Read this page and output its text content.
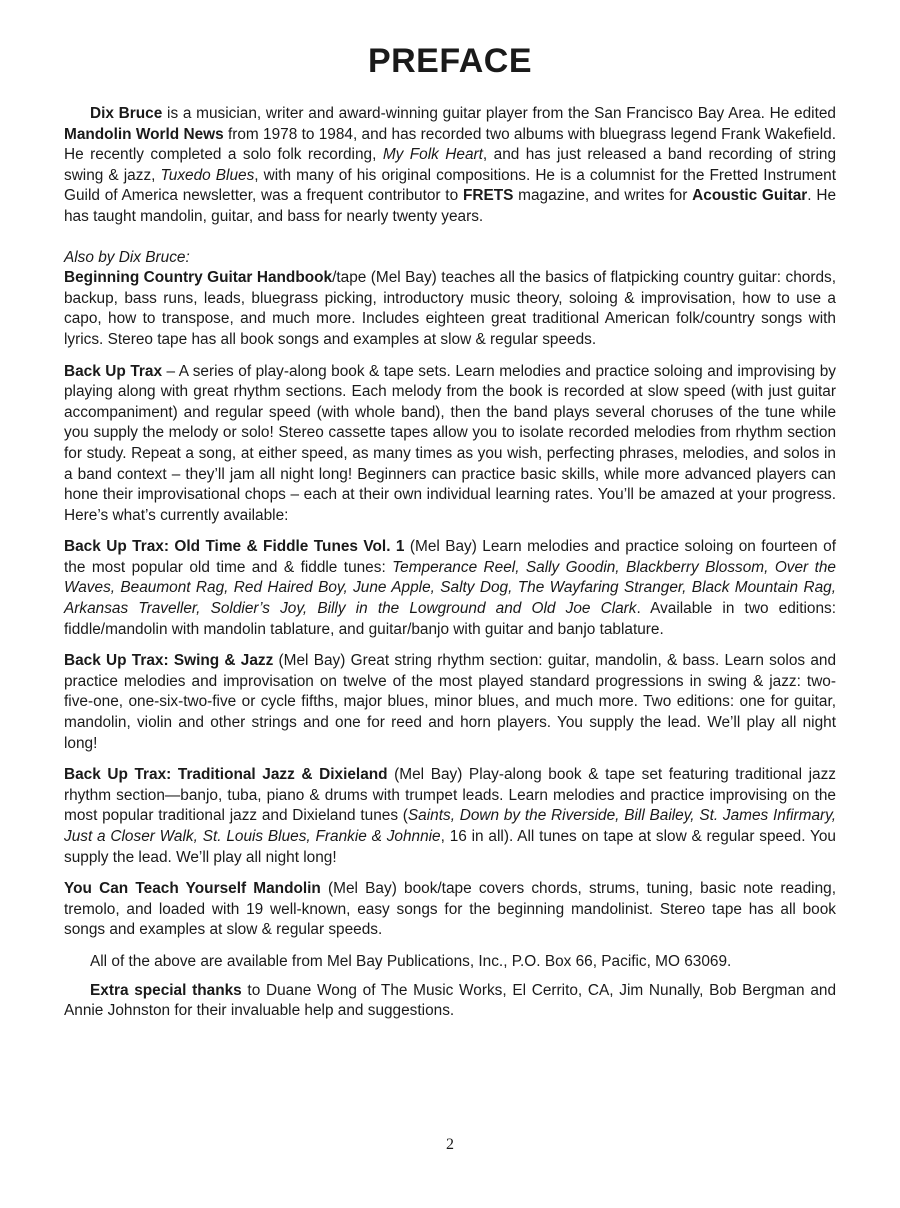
PREFACE

Dix Bruce is a musician, writer and award-winning guitar player from the San Francisco Bay Area. He edited Mandolin World News from 1978 to 1984, and has recorded two albums with bluegrass legend Frank Wakefield. He recently completed a solo folk recording, My Folk Heart, and has just released a band recording of string swing & jazz, Tuxedo Blues, with many of his original compositions. He is a columnist for the Fretted Instrument Guild of America newsletter, was a frequent contributor to FRETS magazine, and writes for Acoustic Guitar. He has taught mandolin, guitar, and bass for nearly twenty years.

Also by Dix Bruce:

Beginning Country Guitar Handbook/tape (Mel Bay) teaches all the basics of flatpicking country guitar: chords, backup, bass runs, leads, bluegrass picking, introductory music theory, soloing & improvisation, how to use a capo, how to transpose, and much more. Includes eighteen great traditional American folk/country songs with lyrics. Stereo tape has all book songs and examples at slow & regular speeds.

Back Up Trax – A series of play-along book & tape sets. Learn melodies and practice soloing and improvising by playing along with great rhythm sections. Each melody from the book is recorded at slow speed (with just guitar accompaniment) and regular speed (with whole band), then the band plays several choruses of the tune while you supply the melody or solo! Stereo cassette tapes allow you to isolate recorded melodies from rhythm section for study. Repeat a song, at either speed, as many times as you wish, perfecting phrases, melodies, and solos in a band context – they’ll jam all night long! Beginners can practice basic skills, while more advanced players can hone their improvisational chops – each at their own individual learning rates. You’ll be amazed at your progress. Here’s what’s currently available:

Back Up Trax: Old Time & Fiddle Tunes Vol. 1 (Mel Bay) Learn melodies and practice soloing on fourteen of the most popular old time and & fiddle tunes: Temperance Reel, Sally Goodin, Blackberry Blossom, Over the Waves, Beaumont Rag, Red Haired Boy, June Apple, Salty Dog, The Wayfaring Stranger, Black Mountain Rag, Arkansas Traveller, Soldier’s Joy, Billy in the Lowground and Old Joe Clark. Available in two editions: fiddle/mandolin with mandolin tablature, and guitar/banjo with guitar and banjo tablature.

Back Up Trax: Swing & Jazz (Mel Bay) Great string rhythm section: guitar, mandolin, & bass. Learn solos and practice melodies and improvisation on twelve of the most played standard progressions in swing & jazz: two-five-one, one-six-two-five or cycle fifths, major blues, minor blues, and much more. Two editions: one for guitar, mandolin, violin and other strings and one for reed and horn players. You supply the lead. We’ll play all night long!

Back Up Trax: Traditional Jazz & Dixieland (Mel Bay) Play-along book & tape set featuring traditional jazz rhythm section—banjo, tuba, piano & drums with trumpet leads. Learn melodies and practice improvising on the most popular traditional jazz and Dixieland tunes (Saints, Down by the Riverside, Bill Bailey, St. James Infirmary, Just a Closer Walk, St. Louis Blues, Frankie & Johnnie, 16 in all). All tunes on tape at slow & regular speed. You supply the lead. We’ll play all night long!

You Can Teach Yourself Mandolin (Mel Bay) book/tape covers chords, strums, tuning, basic note reading, tremolo, and loaded with 19 well-known, easy songs for the beginning mandolinist. Stereo tape has all book songs and examples at slow & regular speeds.

All of the above are available from Mel Bay Publications, Inc., P.O. Box 66, Pacific, MO 63069.

Extra special thanks to Duane Wong of The Music Works, El Cerrito, CA, Jim Nunally, Bob Bergman and Annie Johnston for their invaluable help and suggestions.

2
